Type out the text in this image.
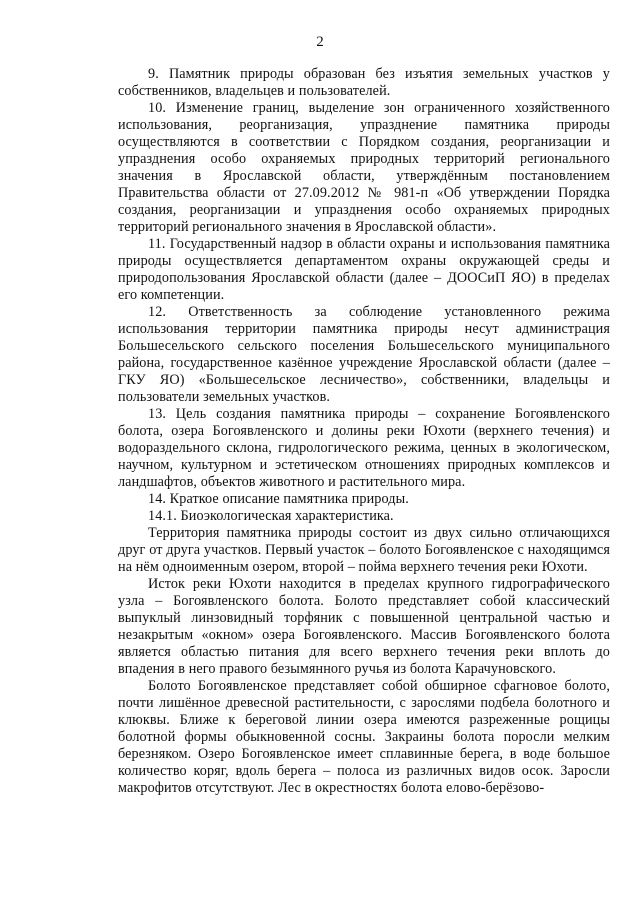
2

9. Памятник природы образован без изъятия земельных участков у собственников, владельцев и пользователей.

10. Изменение границ, выделение зон ограниченного хозяйственного использования, реорганизация, упразднение памятника природы осуществляются в соответствии с Порядком создания, реорганизации и упразднения особо охраняемых природных территорий регионального значения в Ярославской области, утверждённым постановлением Правительства области от 27.09.2012 № 981-п «Об утверждении Порядка создания, реорганизации и упразднения особо охраняемых природных территорий регионального значения в Ярославской области».

11. Государственный надзор в области охраны и использования памятника природы осуществляется департаментом охраны окружающей среды и природопользования Ярославской области (далее – ДООСиП ЯО) в пределах его компетенции.

12. Ответственность за соблюдение установленного режима использования территории памятника природы несут администрация Большесельского сельского поселения Большесельского муниципального района, государственное казённое учреждение Ярославской области (далее – ГКУ ЯО) «Большесельское лесничество», собственники, владельцы и пользователи земельных участков.

13. Цель создания памятника природы – сохранение Богоявленского болота, озера Богоявленского и долины реки Юхоти (верхнего течения) и водораздельного склона, гидрологического режима, ценных в экологическом, научном, культурном и эстетическом отношениях природных комплексов и ландшафтов, объектов животного и растительного мира.

14. Краткое описание памятника природы.

14.1. Биоэкологическая характеристика.

Территория памятника природы состоит из двух сильно отличающихся друг от друга участков. Первый участок – болото Богоявленское с находящимся на нём одноименным озером, второй – пойма верхнего течения реки Юхоти.

Исток реки Юхоти находится в пределах крупного гидрографического узла – Богоявленского болота. Болото представляет собой классический выпуклый линзовидный торфяник с повышенной центральной частью и незакрытым «окном» озера Богоявленского. Массив Богоявленского болота является областью питания для всего верхнего течения реки вплоть до впадения в него правого безымянного ручья из болота Карачуновского.

Болото Богоявленское представляет собой обширное сфагновое болото, почти лишённое древесной растительности, с зарослями подбела болотного и клюквы. Ближе к береговой линии озера имеются разреженные рощицы болотной формы обыкновенной сосны. Закраины болота поросли мелким березняком. Озеро Богоявленское имеет сплавинные берега, в воде большое количество коряг, вдоль берега – полоса из различных видов осок. Заросли макрофитов отсутствуют. Лес в окрестностях болота елово-берёзово-
